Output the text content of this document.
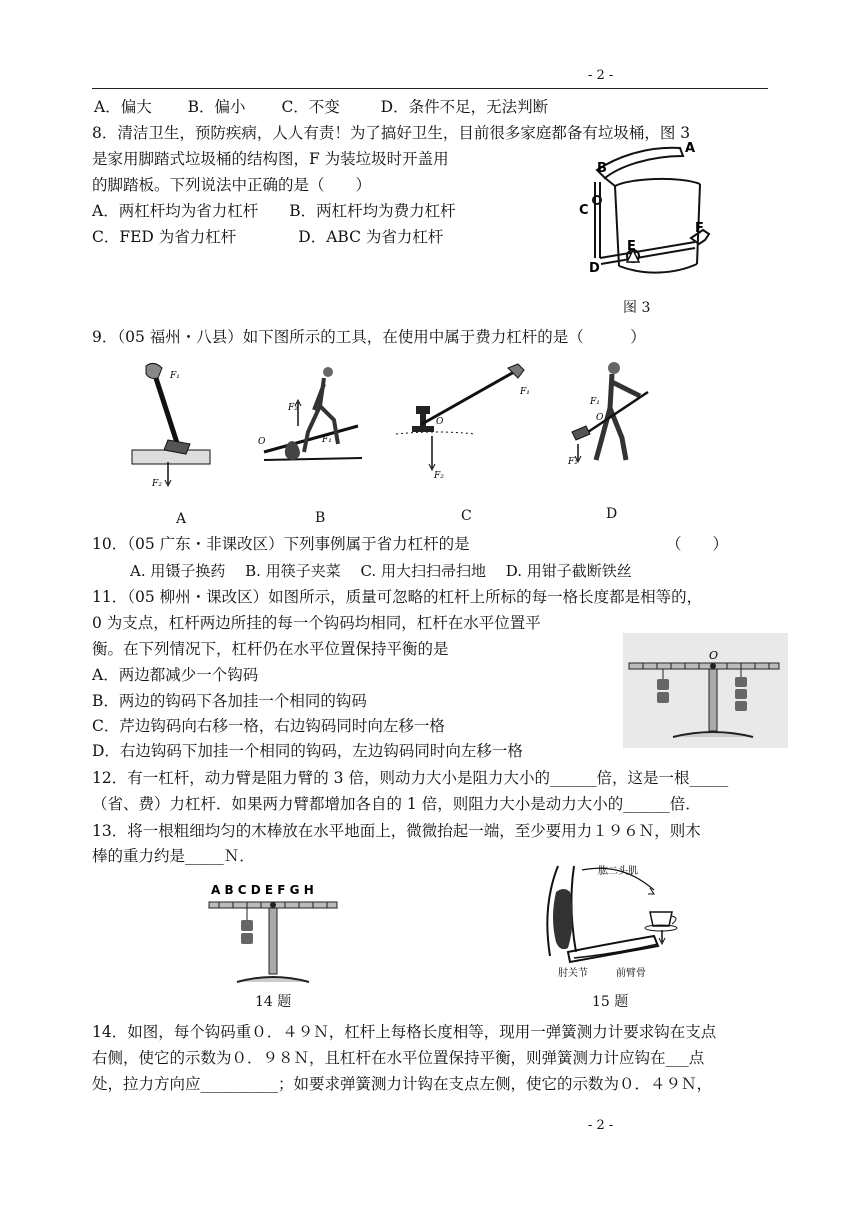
- 2 -
A．偏大 　　B．偏小　 　C．不变　 　 D．条件不足，无法判断
8．清洁卫生，预防疾病，人人有责！为了搞好卫生，目前很多家庭都备有垃圾桶，图 3
是家用脚踏式垃圾桶的结构图，F 为装垃圾时开盖用
的脚踏板。下列说法中正确的是（　　）
A．两杠杆均为省力杠杆　　B．两杠杆均为费力杠杆
C．FED 为省力杠杆　　　　D．ABC 为省力杠杆
A
B
C
D
E
F
图 3
9．（05 福州・八县）如下图所示的工具，在使用中属于费力杠杆的是（　　　）
F₁
F₂
F₂
F₁
O
O
F₁
F₂
F₁
F₂
O
A	B	C	D
10．（05 广东・非课改区）下列事例属于省力杠杆的是	（　　）
A. 用镊子换药　 B. 用筷子夹菜　 C. 用大扫扫帚扫地　 D. 用钳子截断铁丝
11．（05 柳州・课改区）如图所示，质量可忽略的杠杆上所标的每一格长度都是相等的，
0 为支点，杠杆两边所挂的每一个钩码均相同，杠杆在水平位置平
衡。在下列情况下，杠杆仍在水平位置保持平衡的是
A．两边都减少一个钩码
B．两边的钩码下各加挂一个相同的钩码
C．芹边钩码向右移一格，右边钩码同时向左移一格
D．右边钩码下加挂一个相同的钩码，左边钩码同时向左移一格
O
12．有一杠杆，动力臂是阻力臂的 3 倍，则动力大小是阻力大小的______倍，这是一根_____
（省、费）力杠杆．如果两力臂都增加各自的 1 倍，则阻力大小是动力大小的______倍．
13．将一根粗细均匀的木棒放在水平地面上，微微抬起一端，至少要用力１９６Ｎ，则木
棒的重力约是_____Ｎ．
A B C D E F G H
14 题
肱二头肌
肘关节	前臂骨
15 题
14．如图，每个钩码重０．４９Ｎ，杠杆上每格长度相等，现用一弹簧测力计要求钩在支点
右侧，使它的示数为０．９８Ｎ，且杠杆在水平位置保持平衡，则弹簧测力计应钩在___点
处，拉力方向应__________；如要求弹簧测力计钩在支点左侧，使它的示数为０．４９Ｎ，
- 2 -
